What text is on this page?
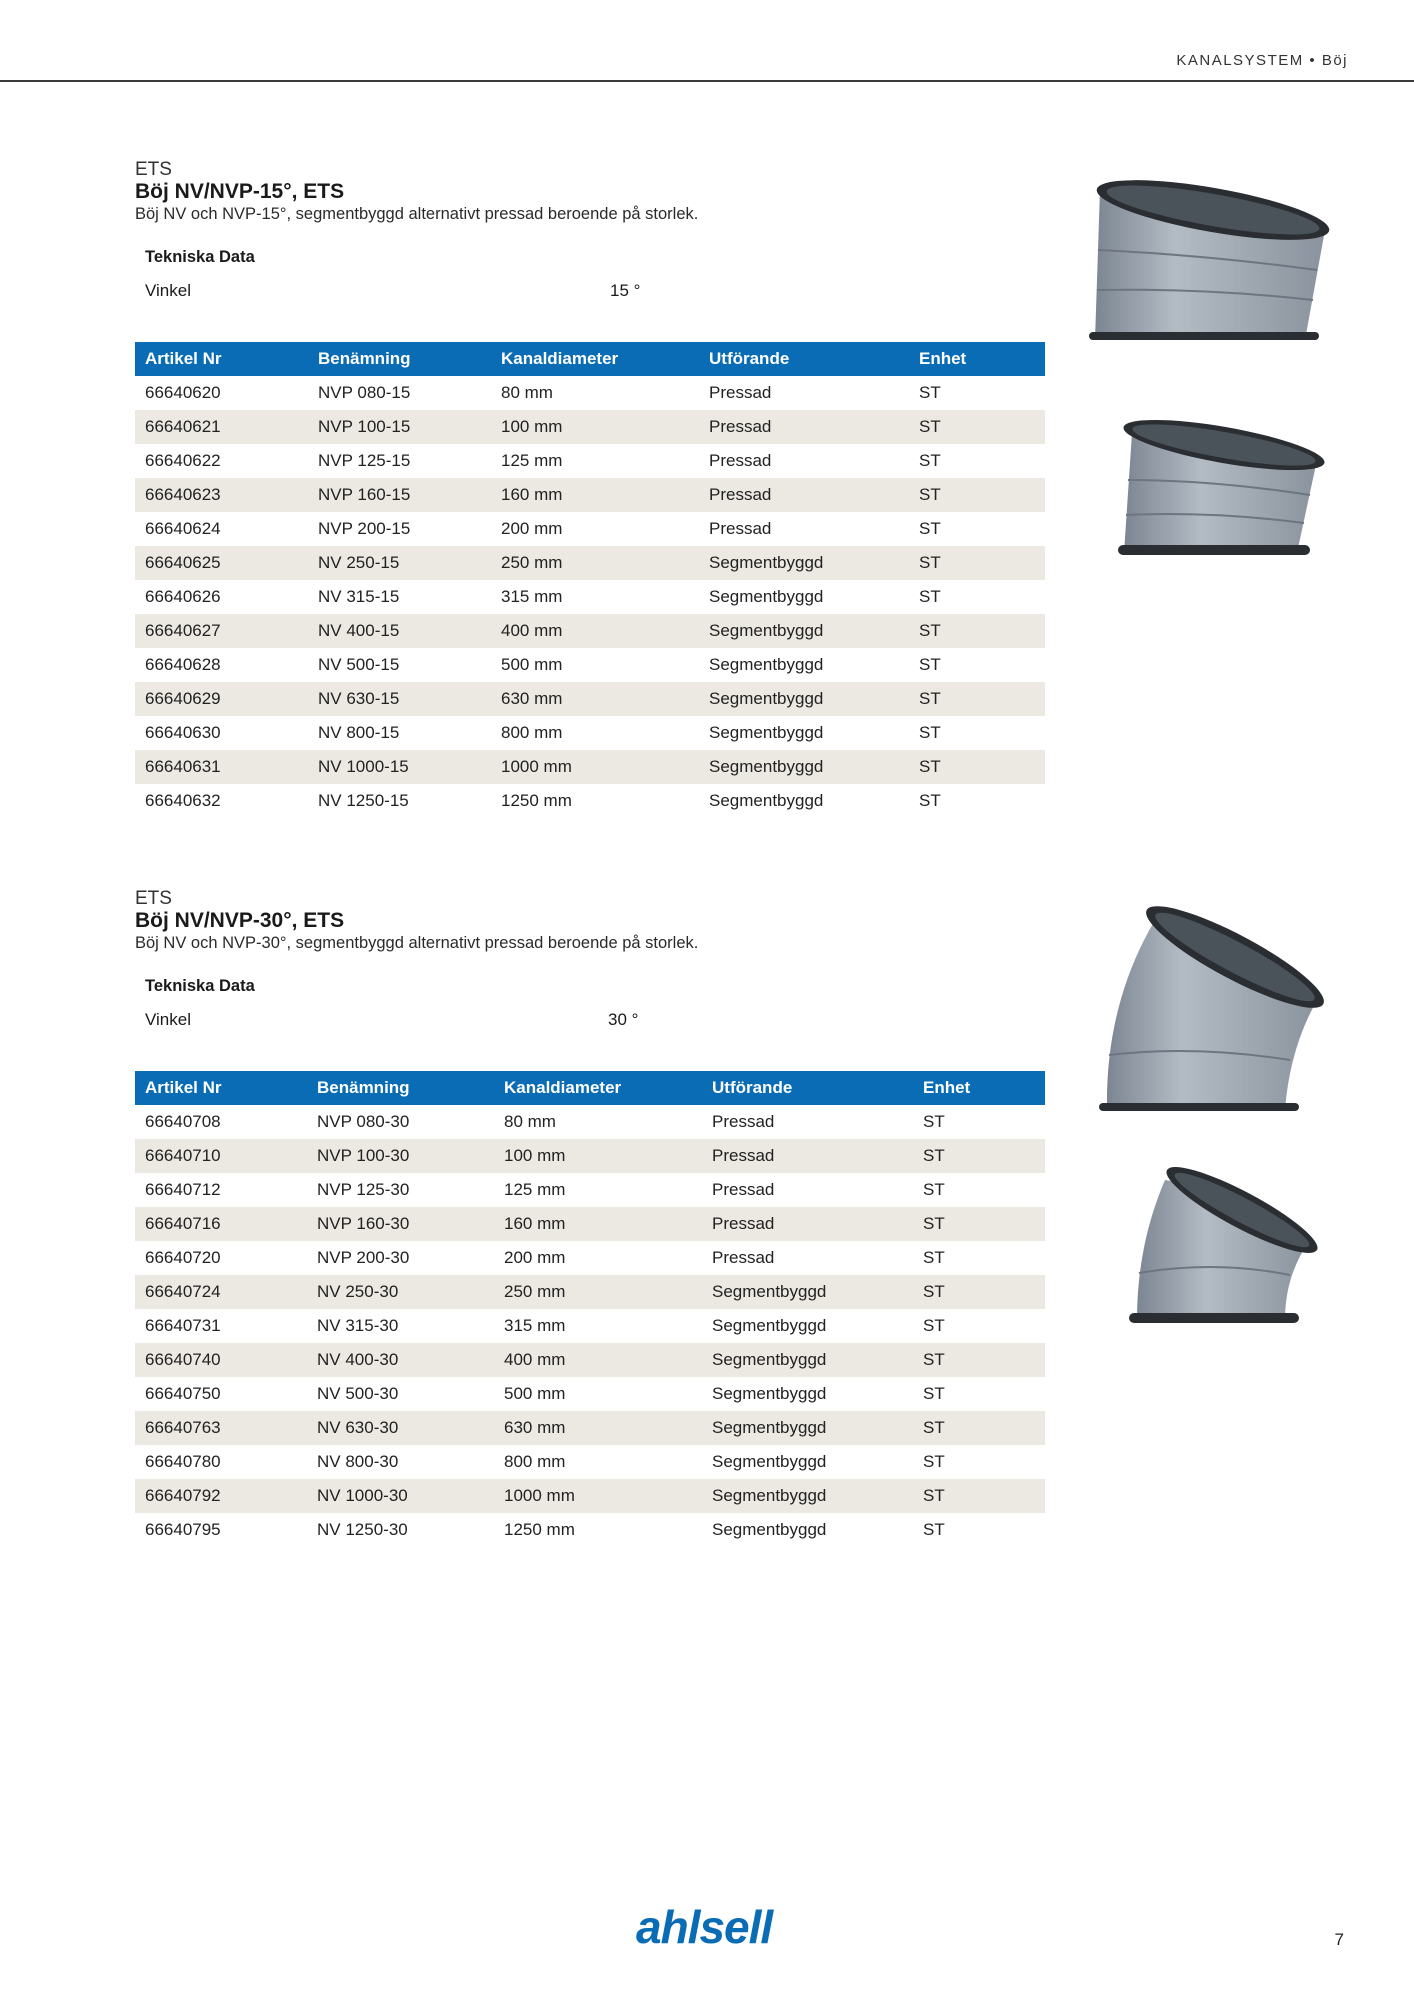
KANALSYSTEM • Böj
ETS
Böj NV/NVP-15°, ETS
Böj NV och NVP-15°, segmentbyggd alternativt pressad beroende på storlek.
Tekniska Data
Vinkel	15 °
Artikel Nr	Benämning	Kanaldiameter	Utförande	Enhet
66640620	NVP 080-15	80 mm	Pressad	ST
66640621	NVP 100-15	100 mm	Pressad	ST
66640622	NVP 125-15	125 mm	Pressad	ST
66640623	NVP 160-15	160 mm	Pressad	ST
66640624	NVP 200-15	200 mm	Pressad	ST
66640625	NV 250-15	250 mm	Segmentbyggd	ST
66640626	NV 315-15	315 mm	Segmentbyggd	ST
66640627	NV 400-15	400 mm	Segmentbyggd	ST
66640628	NV 500-15	500 mm	Segmentbyggd	ST
66640629	NV 630-15	630 mm	Segmentbyggd	ST
66640630	NV 800-15	800 mm	Segmentbyggd	ST
66640631	NV 1000-15	1000 mm	Segmentbyggd	ST
66640632	NV 1250-15	1250 mm	Segmentbyggd	ST
ETS
Böj NV/NVP-30°, ETS
Böj NV och NVP-30°, segmentbyggd alternativt pressad beroende på storlek.
Tekniska Data
Vinkel	30 °
Artikel Nr	Benämning	Kanaldiameter	Utförande	Enhet
66640708	NVP 080-30	80 mm	Pressad	ST
66640710	NVP 100-30	100 mm	Pressad	ST
66640712	NVP 125-30	125 mm	Pressad	ST
66640716	NVP 160-30	160 mm	Pressad	ST
66640720	NVP 200-30	200 mm	Pressad	ST
66640724	NV 250-30	250 mm	Segmentbyggd	ST
66640731	NV 315-30	315 mm	Segmentbyggd	ST
66640740	NV 400-30	400 mm	Segmentbyggd	ST
66640750	NV 500-30	500 mm	Segmentbyggd	ST
66640763	NV 630-30	630 mm	Segmentbyggd	ST
66640780	NV 800-30	800 mm	Segmentbyggd	ST
66640792	NV 1000-30	1000 mm	Segmentbyggd	ST
66640795	NV 1250-30	1250 mm	Segmentbyggd	ST
ahlsell	7
